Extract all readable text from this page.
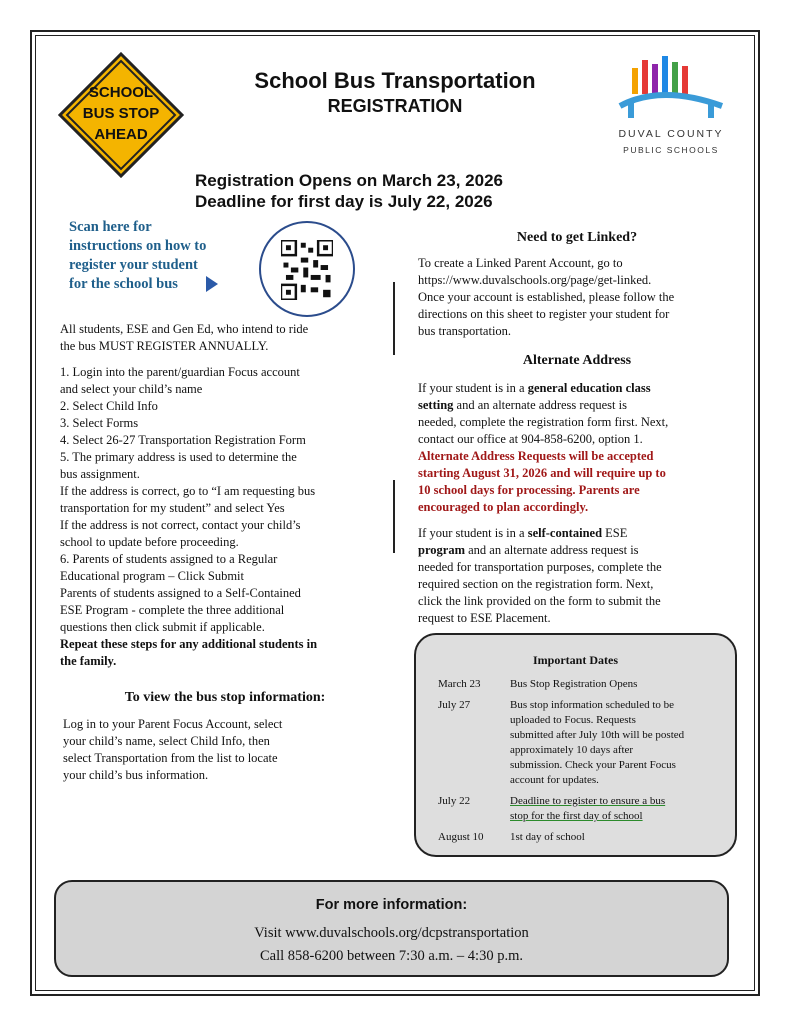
SCHOOL
BUS STOP
AHEAD
School Bus Transportation
REGISTRATION
DUVAL COUNTY
PUBLIC SCHOOLS
Registration Opens on March 23, 2026
Deadline for first day is July 22, 2026
Scan here for
instructions on how to
register your student
for the school bus

All students, ESE and Gen Ed, who intend to ride

the bus MUST REGISTER ANNUALLY.

1. Login into the parent/guardian Focus account

and select your child’s name

2. Select Child Info

3. Select Forms

4. Select 26-27 Transportation Registration Form

5. The primary address is used to determine the

bus assignment.

If the address is correct, go to “I am requesting bus

transportation for my student” and select Yes

If the address is not correct, contact your child’s

school to update before proceeding.

6. Parents of students assigned to a Regular

Educational program – Click Submit

Parents of students assigned to a Self-Contained

ESE Program - complete the three additional

questions then click submit if applicable.

Repeat these steps for any additional students in

the family.

Need to get Linked?

To create a Linked Parent Account, go to

https://www.duvalschools.org/page/get-linked.

Once your account is established, please follow the

directions on this sheet to register your student for

bus transportation.

Alternate Address

If your student is in a general education class

setting and an alternate address request is

needed, complete the registration form first. Next,

contact our office at 904-858-6200, option 1.

Alternate Address Requests will be accepted

starting August 31, 2026 and will require up to

10 school days for processing. Parents are

encouraged to plan accordingly.

If your student is in a self-contained ESE

program and an alternate address request is

needed for transportation purposes, complete the

required section on the registration form. Next,

click the link provided on the form to submit the

request to ESE Placement.

To view the bus stop information:
Log in to your Parent Focus Account, select
your child’s name, select Child Info, then
select Transportation from the list to locate
your child’s bus information.
Important Dates
March 23	Bus Stop Registration Opens
July 27	Bus stop information scheduled to be
uploaded to Focus. Requests
submitted after July 10th will be posted
approximately 10 days after
submission. Check your Parent Focus
account for updates.
July 22	Deadline to register to ensure a bus
stop for the first day of school
August 10	1st day of school
For more information:
Visit www.duvalschools.org/dcpstransportation
Call 858-6200 between 7:30 a.m. – 4:30 p.m.
